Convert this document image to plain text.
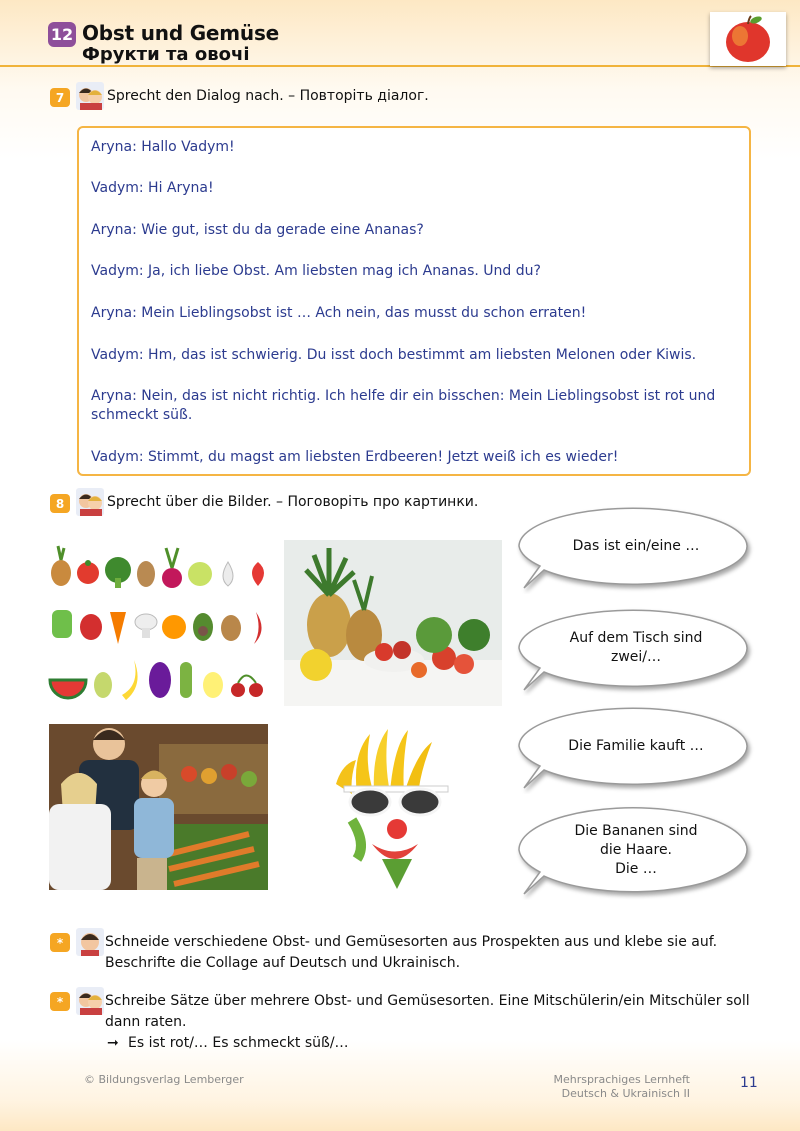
12 Obst und Gemüse
Фрукти та овочі
7	Sprecht den Dialog nach. – Повторіть діалог.
Aryna: Hallo Vadym!
Vadym: Hi Aryna!
Aryna: Wie gut, isst du da gerade eine Ananas?
Vadym: Ja, ich liebe Obst. Am liebsten mag ich Ananas. Und du?
Aryna: Mein Lieblingsobst ist … Ach nein, das musst du schon erraten!
Vadym: Hm, das ist schwierig. Du isst doch bestimmt am liebsten Melonen oder Kiwis.
Aryna: Nein, das ist nicht richtig. Ich helfe dir ein bisschen: Mein Lieblingsobst ist rot und schmeckt süß.
Vadym: Stimmt, du magst am liebsten Erdbeeren! Jetzt weiß ich es wieder!
8	Sprecht über die Bilder. – Поговоріть про картинки.
Das ist ein/eine …
Auf dem Tisch sind
zwei/…
Die Familie kauft …
Die Bananen sind
die Haare.
Die …
*	Schneide verschiedene Obst- und Gemüsesorten aus Prospekten aus und klebe sie auf.
Beschrifte die Collage auf Deutsch und Ukrainisch.
*	Schreibe Sätze über mehrere Obst- und Gemüsesorten. Eine Mitschülerin/ein Mitschüler soll
dann raten.
➞ Es ist rot/… Es schmeckt süß/…
© Bildungsverlag Lemberger	Mehrsprachiges Lernheft
Deutsch & Ukrainisch II
11
